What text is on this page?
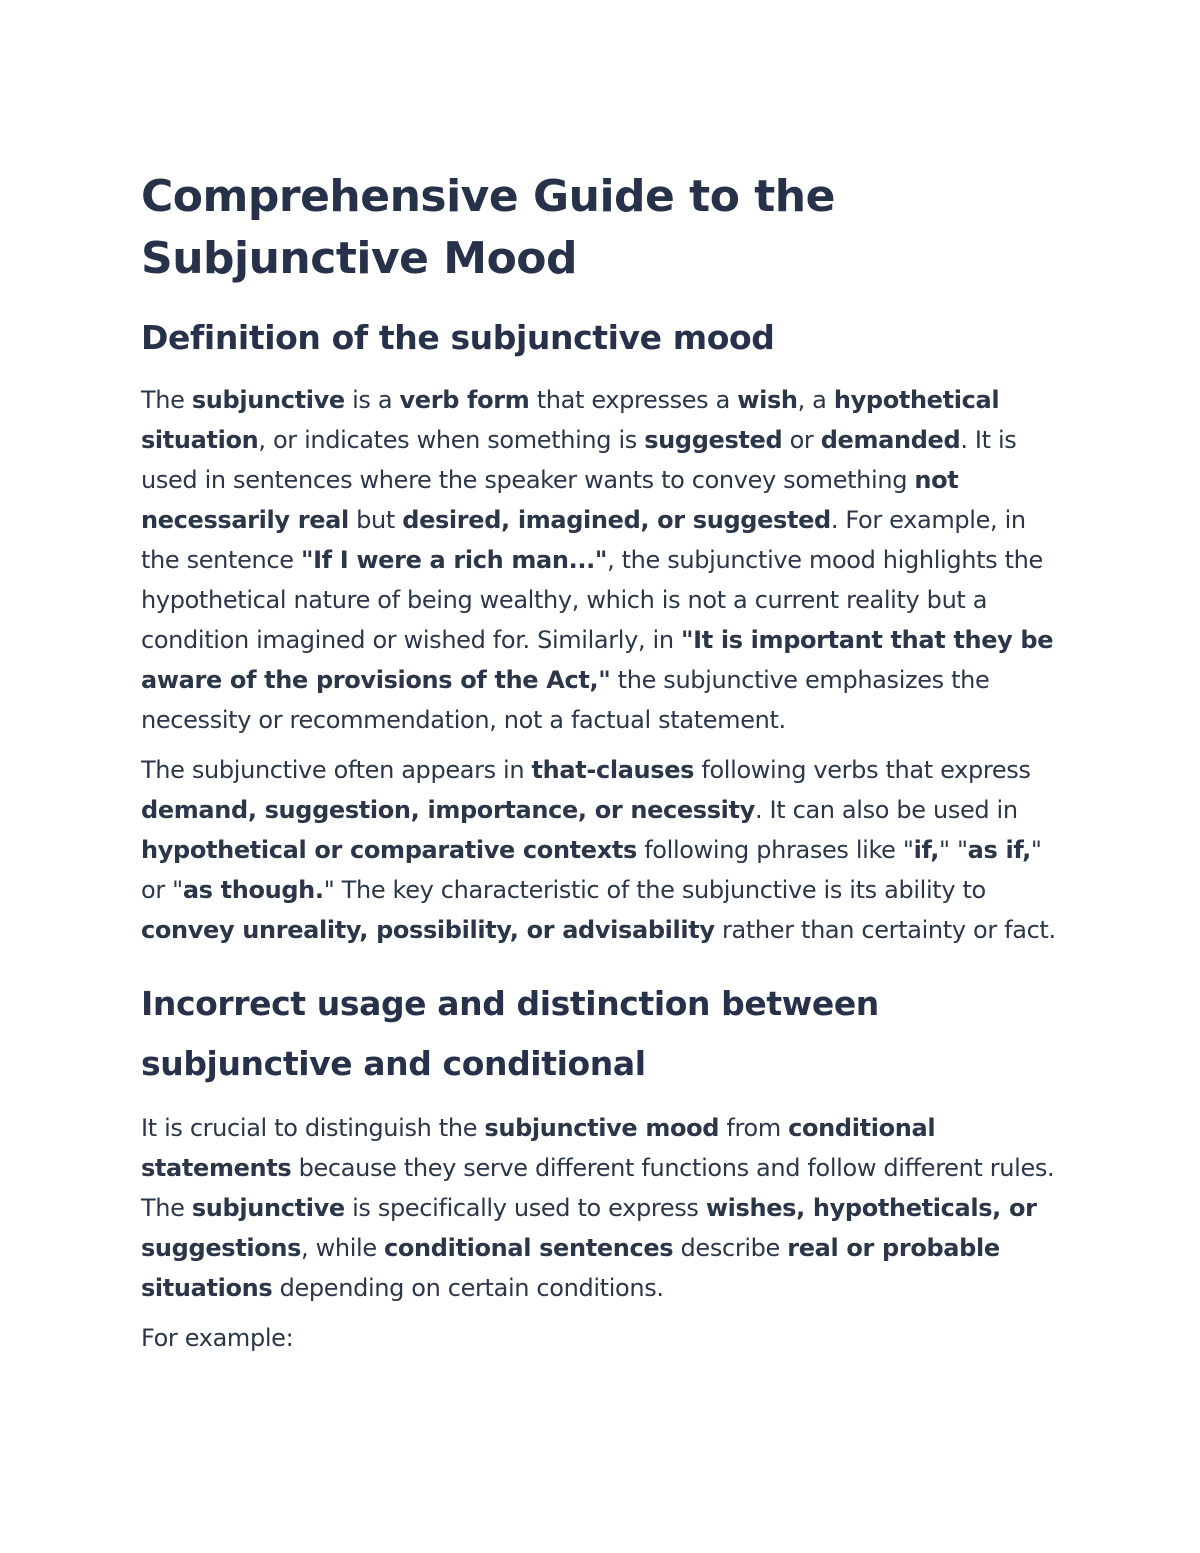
Comprehensive Guide to the Subjunctive Mood
Definition of the subjunctive mood

The subjunctive is a verb form that expresses a wish, a hypothetical situation, or indicates when something is suggested or demanded. It is used in sentences where the speaker wants to convey something not necessarily real but desired, imagined, or suggested. For example, in the sentence "If I were a rich man...", the subjunctive mood highlights the hypothetical nature of being wealthy, which is not a current reality but a condition imagined or wished for. Similarly, in "It is important that they be aware of the provisions of the Act," the subjunctive emphasizes the necessity or recommendation, not a factual statement.

The subjunctive often appears in that-clauses following verbs that express demand, suggestion, importance, or necessity. It can also be used in hypothetical or comparative contexts following phrases like "if," "as if," or "as though." The key characteristic of the subjunctive is its ability to convey unreality, possibility, or advisability rather than certainty or fact.

Incorrect usage and distinction between subjunctive and conditional

It is crucial to distinguish the subjunctive mood from conditional statements because they serve different functions and follow different rules. The subjunctive is specifically used to express wishes, hypotheticals, or suggestions, while conditional sentences describe real or probable situations depending on certain conditions.

For example:
